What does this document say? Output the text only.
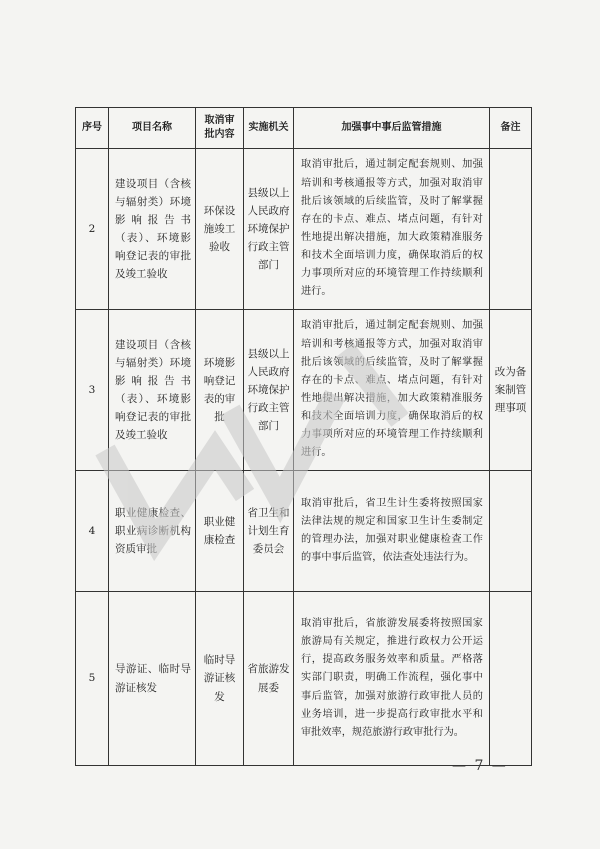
序号	项目名称	取消审批内容	实施机关	加强事中事后监管措施	备注
2	建设项目（含核与辐射类）环境影响报告书（表）、环境影响登记表的审批及竣工验收	环保设施竣工验收	县级以上人民政府环境保护行政主管部门	取消审批后，通过制定配套规则、加强培训和考核通报等方式，加强对取消审批后该领域的后续监管，及时了解掌握存在的卡点、难点、堵点问题，有针对性地提出解决措施，加大政策精准服务和技术全面培训力度，确保取消后的权力事项所对应的环境管理工作持续顺利进行。	
3	建设项目（含核与辐射类）环境影响报告书（表）、环境影响登记表的审批及竣工验收	环境影响登记表的审批	县级以上人民政府环境保护行政主管部门	取消审批后，通过制定配套规则、加强培训和考核通报等方式，加强对取消审批后该领域的后续监管，及时了解掌握存在的卡点、难点、堵点问题，有针对性地提出解决措施，加大政策精准服务和技术全面培训力度，确保取消后的权力事项所对应的环境管理工作持续顺利进行。	改为备案制管理事项
4	职业健康检查、职业病诊断机构资质审批	职业健康检查	省卫生和计划生育委员会	取消审批后，省卫生计生委将按照国家法律法规的规定和国家卫生计生委制定的管理办法，加强对职业健康检查工作的事中事后监管，依法查处违法行为。	
5	导游证、临时导游证核发	临时导游证核发	省旅游发展委	取消审批后，省旅游发展委将按照国家旅游局有关规定，推进行政权力公开运行，提高政务服务效率和质量。严格落实部门职责，明确工作流程，强化事中事后监管，加强对旅游行政审批人员的业务培训，进一步提高行政审批水平和审批效率，规范旅游行政审批行为。	
— 7 —
